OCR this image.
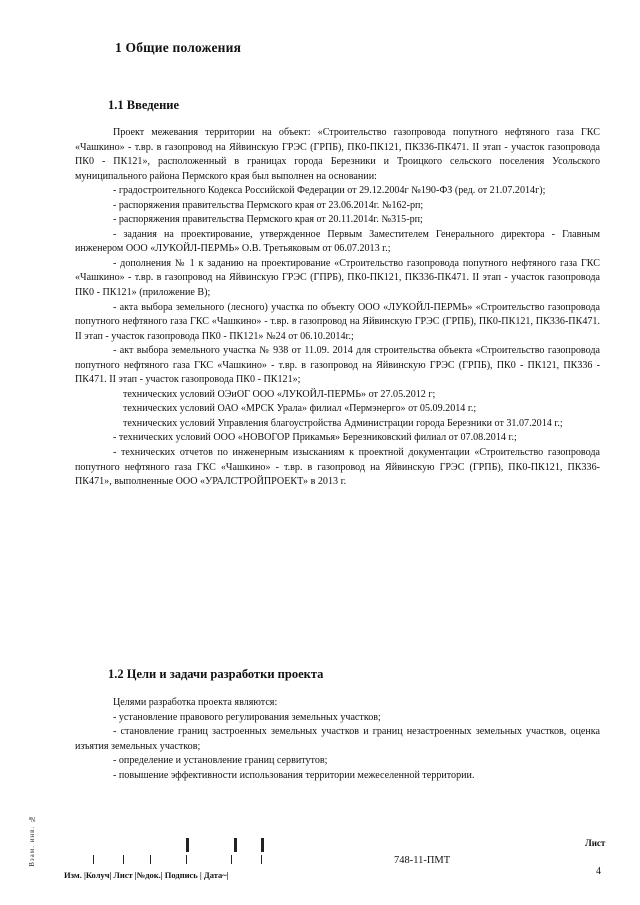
1 Общие положения
1.1 Введение

Проект межевания территории на объект: «Строительство газопровода попутного нефтяного газа ГКС «Чашкино» - т.вр. в газопровод на Яйвинскую ГРЭС (ГРПБ), ПК0-ПК121, ПК336-ПК471. II этап - участок газопровода ПК0 - ПК121», расположенный в границах города Березники и Троицкого сельского поселения Усольского муниципального района Пермского края был выполнен на основании:

- градостроительного Кодекса Российской Федерации от 29.12.2004г №190-ФЗ (ред. от 21.07.2014г);

- распоряжения правительства Пермского края от 23.06.2014г. №162-рп;

- распоряжения правительства Пермского края от 20.11.2014г. №315-рп;

- задания на проектирование, утвержденное Первым Заместителем Генерального директора - Главным инженером ООО «ЛУКОЙЛ-ПЕРМЬ» О.В. Третьяковым от 06.07.2013 г.;

- дополнения № 1 к заданию на проектирование «Строительство газопровода попутного нефтяного газа ГКС «Чашкино» - т.вр. в газопровод на Яйвинскую ГРЭС (ГПРБ), ПК0-ПК121, ПК336-ПК471. II этап - участок газопровода ПК0 - ПК121» (приложение В);

- акта выбора земельного (лесного) участка по объекту ООО «ЛУКОЙЛ-ПЕРМЬ» «Строительство газопровода попутного нефтяного газа ГКС «Чашкино» - т.вр. в газопровод на Яйвинскую ГРЭС (ГРПБ), ПК0-ПК121, ПК336-ПК471. II этап - участок газопровода ПК0 - ПК121» №24 от 06.10.2014г.;

- акт выбора земельного участка № 938 от 11.09. 2014 для строительства объекта «Строительство газопровода попутного нефтяного газа ГКС «Чашкино» - т.вр. в газопровод на Яйвинскую ГРЭС (ГРПБ), ПК0 - ПК121, ПК336 - ПК471. II этап - участок газопровода ПК0 - ПК121»;

технических условий ОЭиОГ ООО «ЛУКОЙЛ-ПЕРМЬ» от 27.05.2012 г;

технических условий ОАО «МРСК Урала» филиал «Пермэнерго» от 05.09.2014 г.;

технических условий Управления благоустройства Администрации города Березники от 31.07.2014 г.;

- технических условий ООО «НОВОГОР Прикамья» Березниковский филиал от 07.08.2014 г.;

- технических отчетов по инженерным изысканиям к проектной документации «Строительство газопровода попутного нефтяного газа ГКС «Чашкино» - т.вр. в газопровод на Яйвинскую ГРЭС (ГРПБ), ПК0-ПК121, ПК336-ПК471», выполненные ООО «УРАЛСТРОЙПРОЕКТ» в 2013 г.

1.2 Цели и задачи разработки проекта

Целями разработка проекта являются:

- установление правового регулирования земельных участков;

- становление границ застроенных земельных участков и границ незастроенных земельных участков, оценка изъятия земельных участков;

- определение и установление границ сервитутов;

- повышение эффективности использования территории межеселенной территории.

Взам. инв. №	748-11-ПМТ
Лист
4
Изм. |Колуч| Лист |№док.| Подпись | Дата~|
